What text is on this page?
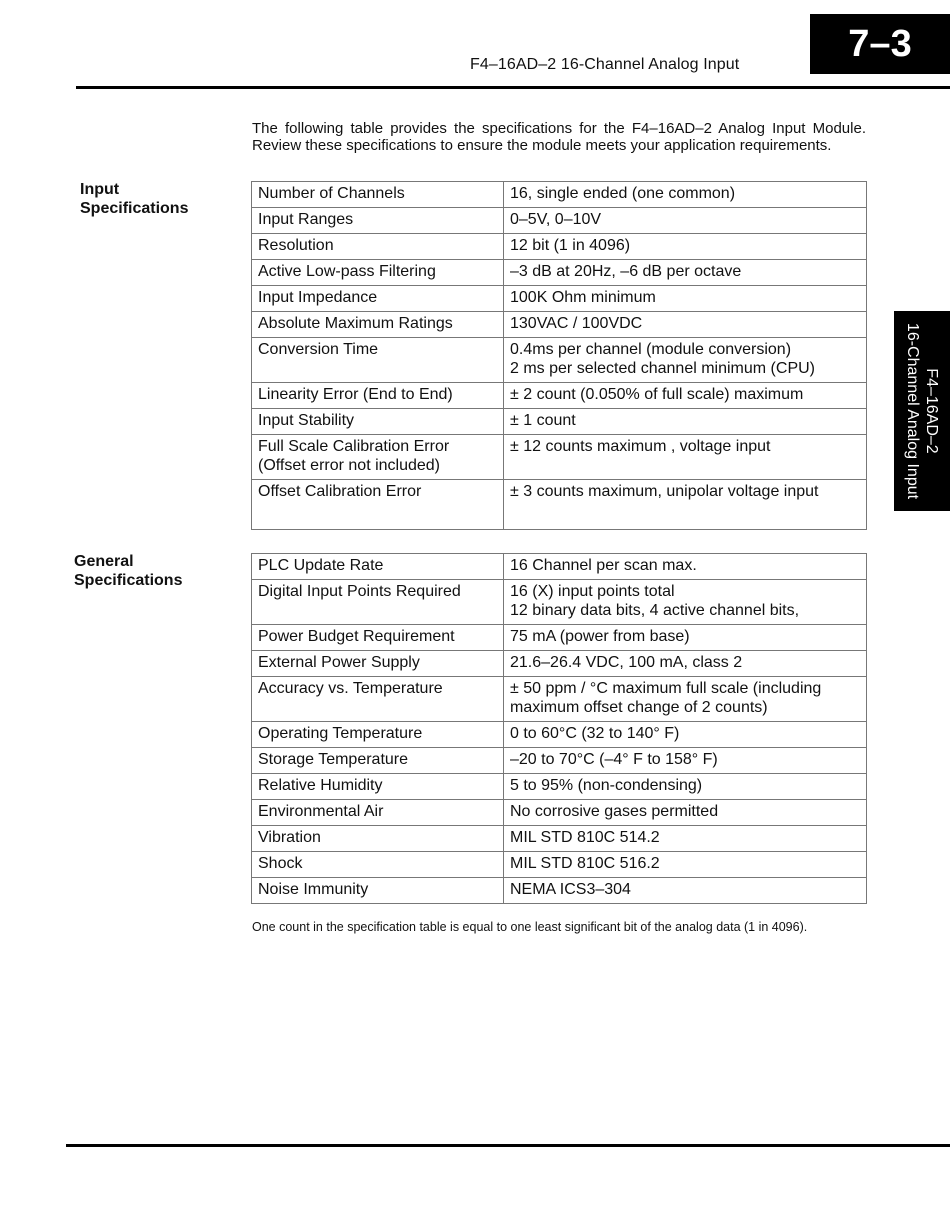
7–3
F4–16AD–2 16-Channel Analog Input
F4–16AD–2
16-Channel Analog Input
The following table provides the specifications for the F4–16AD–2 Analog Input Module. Review these specifications to ensure the module meets your application requirements.
Input
Specifications
Number of Channels	16, single ended (one common)
Input Ranges	0–5V, 0–10V
Resolution	12 bit (1 in 4096)
Active Low-pass Filtering	–3 dB at 20Hz, –6 dB per octave
Input Impedance	100K Ohm minimum
Absolute Maximum Ratings	130VAC / 100VDC
Conversion Time	0.4ms per channel (module conversion)
2 ms per selected channel minimum (CPU)
Linearity Error (End to End)	± 2 count (0.050% of full scale) maximum
Input Stability	± 1 count
Full Scale Calibration Error
(Offset error not included)	± 12 counts maximum , voltage input
Offset Calibration Error	± 3 counts maximum, unipolar voltage input
General
Specifications
PLC Update Rate	16 Channel per scan max.
Digital Input Points Required	16 (X) input points total
12 binary data bits, 4 active channel bits,
Power Budget Requirement	75 mA (power from base)
External Power Supply	21.6–26.4 VDC, 100 mA, class 2
Accuracy vs. Temperature	± 50 ppm / °C maximum full scale (including
maximum offset change of 2 counts)
Operating Temperature	0 to 60°C (32 to 140° F)
Storage Temperature	–20 to 70°C (–4° F to 158° F)
Relative Humidity	5 to 95% (non-condensing)
Environmental Air	No corrosive gases permitted
Vibration	MIL STD 810C 514.2
Shock	MIL STD 810C 516.2
Noise Immunity	NEMA ICS3–304
One count in the specification table is equal to one least significant bit of the analog data (1 in 4096).
